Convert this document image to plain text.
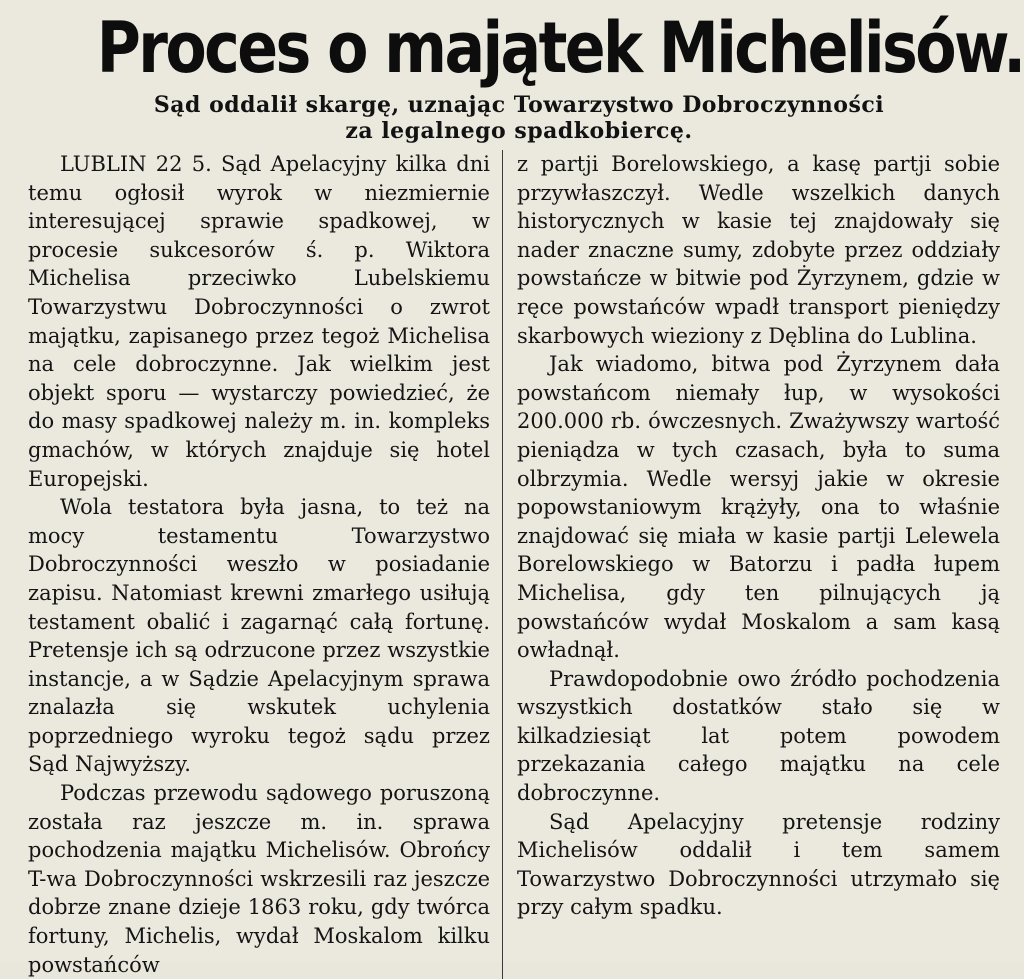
Proces o majątek Michelisów.
Sąd oddalił skargę, uznając Towarzystwo Dobroczynności
za legalnego spadkobiercę.

LUBLIN 22 5. Sąd Apelacyjny kilka dni temu ogłosił wyrok w niezmiernie interesującej sprawie spadkowej, w procesie sukcesorów ś. p. Wiktora Michelisa przeciwko Lubelskiemu Towarzystwu Dobroczynności o zwrot majątku, zapisanego przez tegoż Michelisa na cele dobroczynne. Jak wielkim jest objekt sporu — wystarczy powiedzieć, że do masy spadkowej należy m. in. kompleks gmachów, w których znajduje się hotel Europejski.

Wola testatora była jasna, to też na mocy testamentu Towarzystwo Dobroczynności weszło w posiadanie zapisu. Natomiast krewni zmarłego usiłują testament obalić i zagarnąć całą fortunę. Pretensje ich są odrzucone przez wszystkie instancje, a w Sądzie Apelacyjnym sprawa znalazła się wskutek uchylenia poprzedniego wyroku tegoż sądu przez Sąd Najwyższy.

Podczas przewodu sądowego poruszoną została raz jeszcze m. in. sprawa pochodzenia majątku Michelisów. Obrońcy T-wa Dobroczynności wskrzesili raz jeszcze dobrze znane dzieje 1863 roku, gdy twórca fortuny, Michelis, wydał Moskalom kilku powstańców

z partji Borelowskiego, a kasę partji sobie przywłaszczył. Wedle wszelkich danych historycznych w kasie tej znajdowały się nader znaczne sumy, zdobyte przez oddziały powstańcze w bitwie pod Żyrzynem, gdzie w ręce powstańców wpadł transport pieniędzy skarbowych wieziony z Dęblina do Lublina.

Jak wiadomo, bitwa pod Żyrzynem dała powstańcom niemały łup, w wysokości 200.000 rb. ówczesnych. Zważywszy wartość pieniądza w tych czasach, była to suma olbrzymia. Wedle wersyj jakie w okresie popowstaniowym krążyły, ona to właśnie znajdować się miała w kasie partji Lelewela Borelowskiego w Batorzu i padła łupem Michelisa, gdy ten pilnujących ją powstańców wydał Moskalom a sam kasą owładnął.

Prawdopodobnie owo źródło pochodzenia wszystkich dostatków stało się w kilkadziesiąt lat potem powodem przekazania całego majątku na cele dobroczynne.

Sąd Apelacyjny pretensje rodziny Michelisów oddalił i tem samem Towarzystwo Dobroczynności utrzymało się przy całym spadku.
